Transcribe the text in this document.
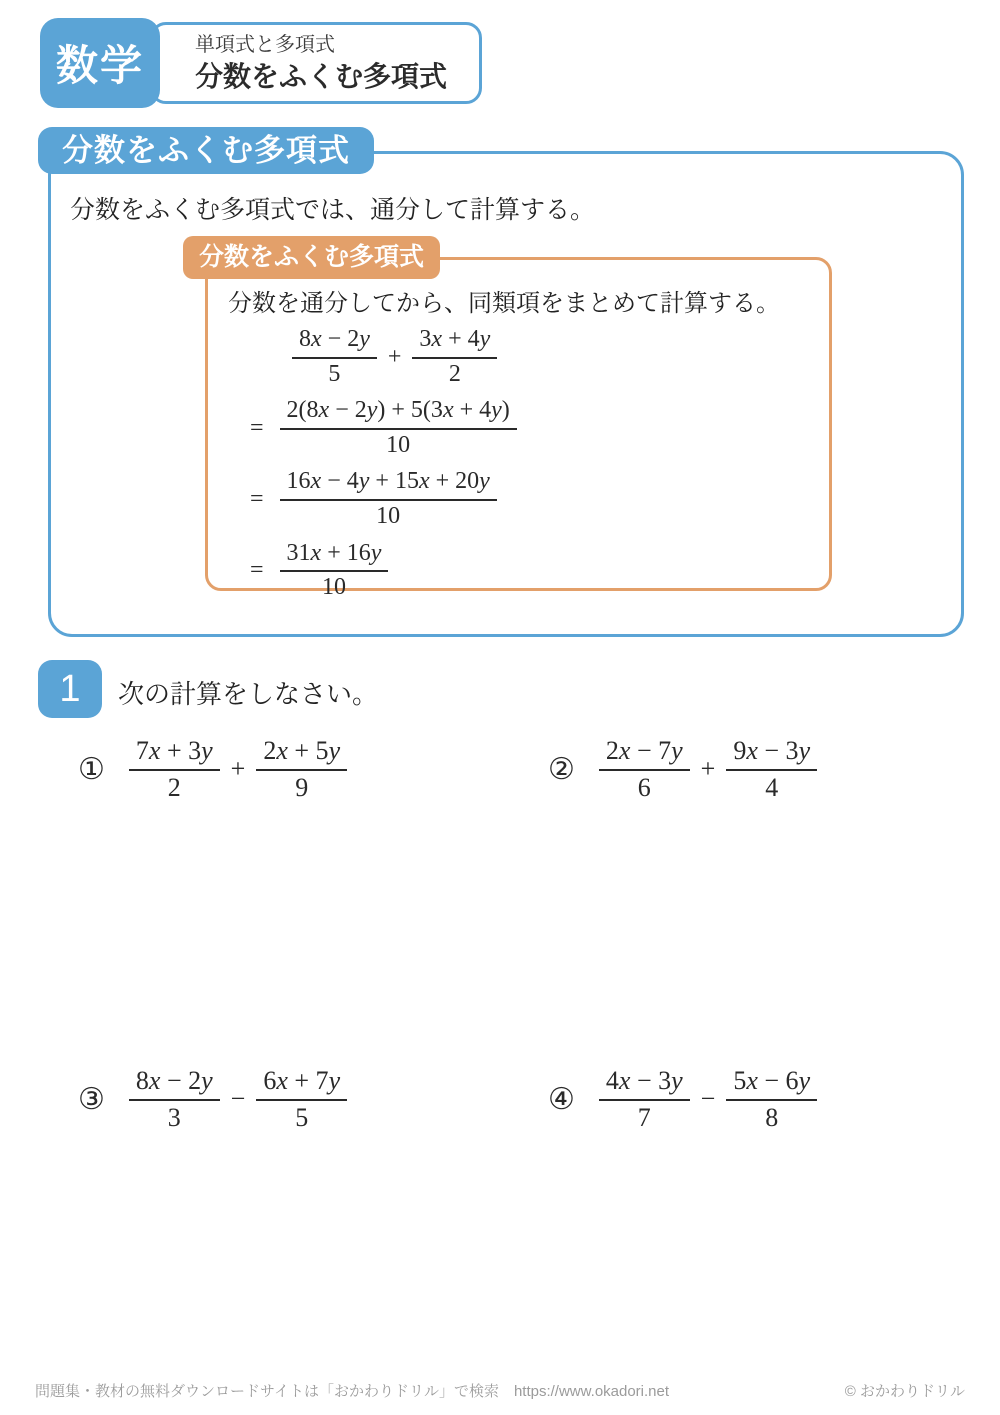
数学	単項式と多項式
分数をふくむ多項式
分数をふくむ多項式
分数をふくむ多項式では、通分して計算する。
分数をふくむ多項式
分数を通分してから、同類項をまとめて計算する。
$\frac{8x - 2y}{5} + \frac{3x + 4y}{2}$
= $\frac{2(8x - 2y) + 5(3x + 4y)}{10}$
= $\frac{16x - 4y + 15x + 20y}{10}$
= $\frac{31x + 16y}{10}$
1 次の計算をしなさい。
① $\frac{7x + 3y}{2} + \frac{2x + 5y}{9}$	② $\frac{2x - 7y}{6} + \frac{9x - 3y}{4}$
③ $\frac{8x - 2y}{3} - \frac{6x + 7y}{5}$	④ $\frac{4x - 3y}{7} - \frac{5x - 6y}{8}$
問題集・教材の無料ダウンロードサイトは「おかわりドリル」で検索　https://www.okadori.net	© おかわりドリル
